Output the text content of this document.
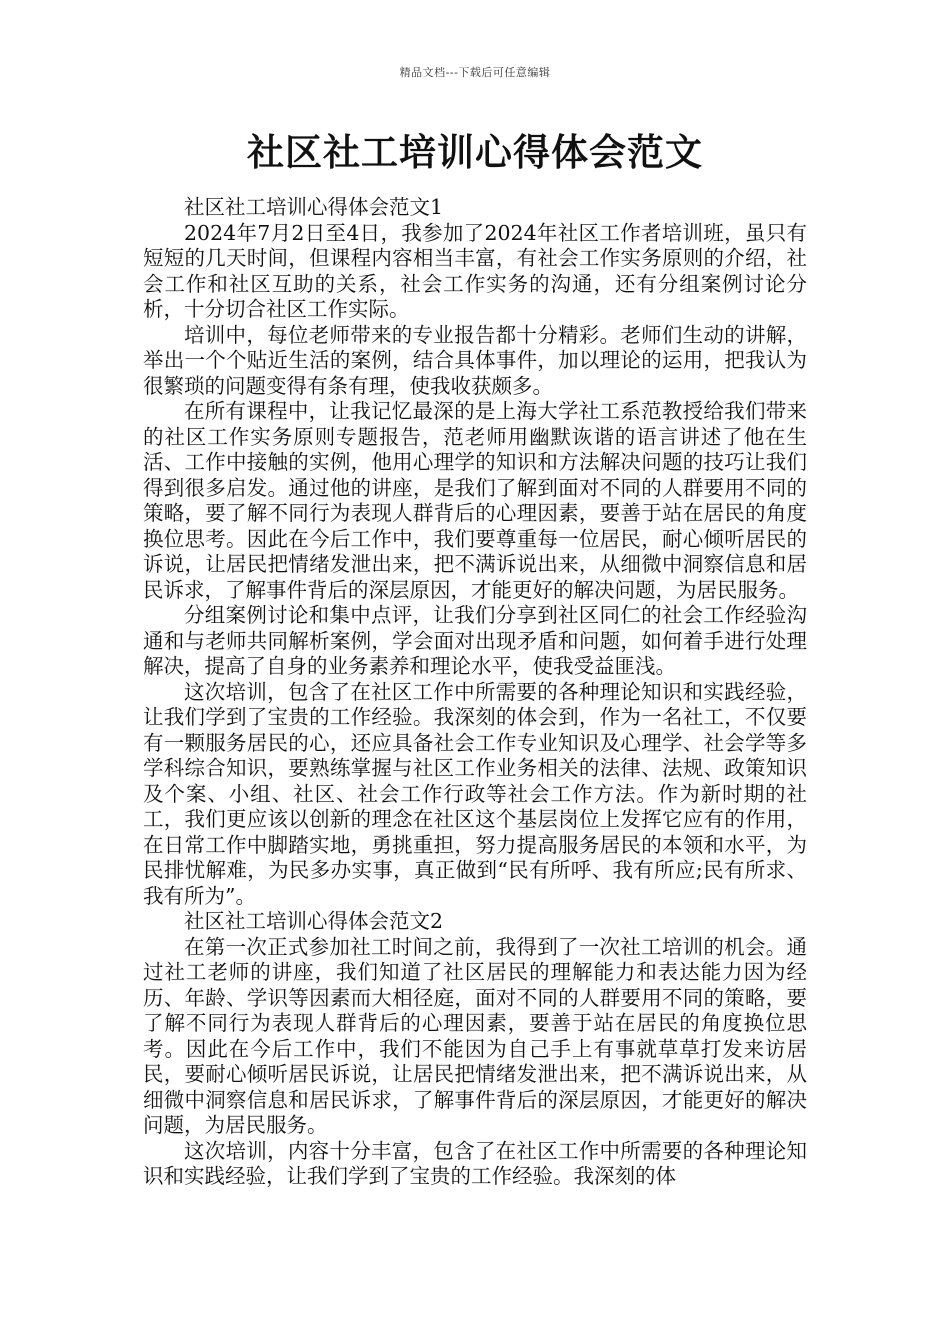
精品文档---下载后可任意编辑
社区社工培训心得体会范文

社区社工培训心得体会范文1

2024年7月2日至4日，我参加了2024年社区工作者培训班，虽只有短短的几天时间，但课程内容相当丰富，有社会工作实务原则的介绍，社会工作和社区互助的关系，社会工作实务的沟通，还有分组案例讨论分析，十分切合社区工作实际。

培训中，每位老师带来的专业报告都十分精彩。老师们生动的讲解，举出一个个贴近生活的案例，结合具体事件，加以理论的运用，把我认为很繁琐的问题变得有条有理，使我收获颇多。

在所有课程中，让我记忆最深的是上海大学社工系范教授给我们带来的社区工作实务原则专题报告，范老师用幽默诙谐的语言讲述了他在生活、工作中接触的实例，他用心理学的知识和方法解决问题的技巧让我们得到很多启发。通过他的讲座，是我们了解到面对不同的人群要用不同的策略，要了解不同行为表现人群背后的心理因素，要善于站在居民的角度换位思考。因此在今后工作中，我们要尊重每一位居民，耐心倾听居民的诉说，让居民把情绪发泄出来，把不满诉说出来，从细微中洞察信息和居民诉求，了解事件背后的深层原因，才能更好的解决问题，为居民服务。

分组案例讨论和集中点评，让我们分享到社区同仁的社会工作经验沟通和与老师共同解析案例，学会面对出现矛盾和问题，如何着手进行处理解决，提高了自身的业务素养和理论水平，使我受益匪浅。

这次培训，包含了在社区工作中所需要的各种理论知识和实践经验，让我们学到了宝贵的工作经验。我深刻的体会到，作为一名社工，不仅要有一颗服务居民的心，还应具备社会工作专业知识及心理学、社会学等多学科综合知识，要熟练掌握与社区工作业务相关的法律、法规、政策知识及个案、小组、社区、社会工作行政等社会工作方法。作为新时期的社工，我们更应该以创新的理念在社区这个基层岗位上发挥它应有的作用，在日常工作中脚踏实地，勇挑重担，努力提高服务居民的本领和水平，为民排忧解难，为民多办实事，真正做到“民有所呼、我有所应;民有所求、我有所为”。

社区社工培训心得体会范文2

在第一次正式参加社工时间之前，我得到了一次社工培训的机会。通过社工老师的讲座，我们知道了社区居民的理解能力和表达能力因为经历、年龄、学识等因素而大相径庭，面对不同的人群要用不同的策略，要了解不同行为表现人群背后的心理因素，要善于站在居民的角度换位思考。因此在今后工作中，我们不能因为自己手上有事就草草打发来访居民，要耐心倾听居民诉说，让居民把情绪发泄出来，把不满诉说出来，从细微中洞察信息和居民诉求，了解事件背后的深层原因，才能更好的解决问题，为居民服务。

这次培训，内容十分丰富，包含了在社区工作中所需要的各种理论知识和实践经验，让我们学到了宝贵的工作经验。我深刻的体
